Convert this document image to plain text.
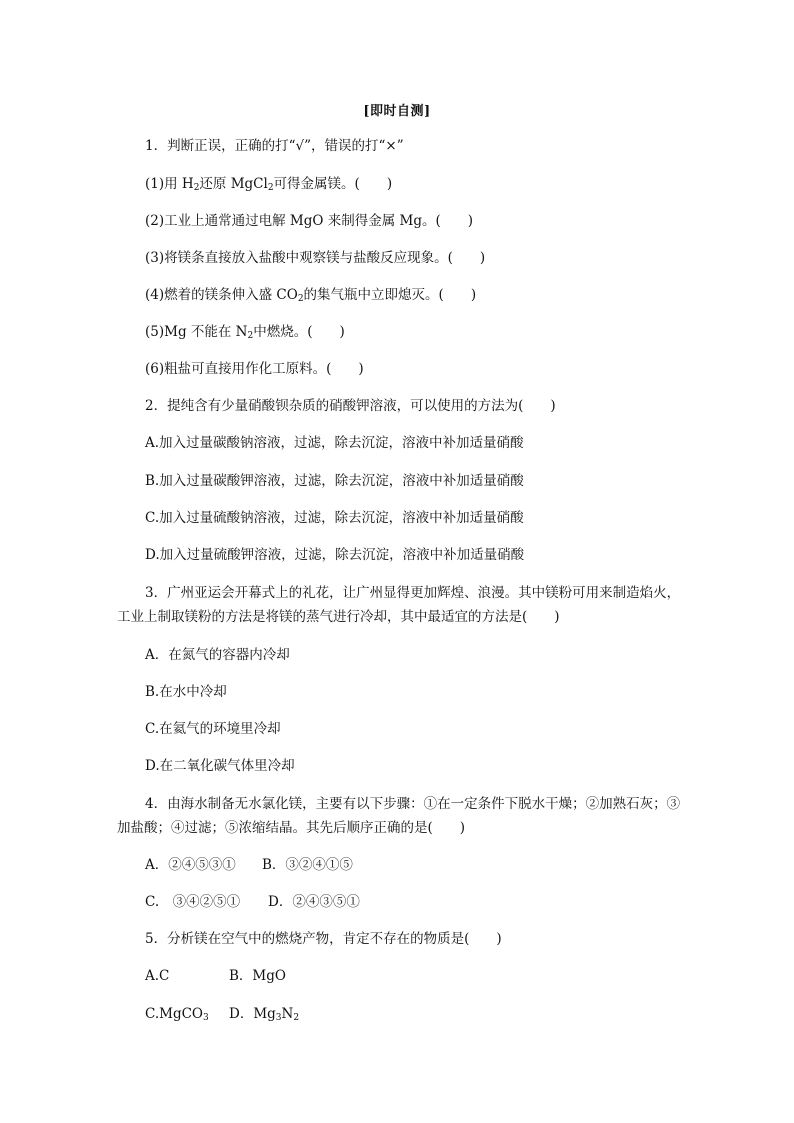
[即时自测]
1．判断正误，正确的打“√”，错误的打“×”
(1)用 $H_2$还原 MgCl$_2$可得金属镁。(　　)
(2)工业上通常通过电解 MgO 来制得金属 Mg。(　　)
(3)将镁条直接放入盐酸中观察镁与盐酸反应现象。(　　)
(4)燃着的镁条伸入盛 $CO_2$的集气瓶中立即熄灭。(　　)
(5)Mg 不能在 $N_2$中燃烧。(　　)
(6)粗盐可直接用作化工原料。(　　)
2．提纯含有少量硝酸钡杂质的硝酸钾溶液，可以使用的方法为(　　)
A.加入过量碳酸钠溶液，过滤，除去沉淀，溶液中补加适量硝酸
B.加入过量碳酸钾溶液，过滤，除去沉淀，溶液中补加适量硝酸
C.加入过量硫酸钠溶液，过滤，除去沉淀，溶液中补加适量硝酸
D.加入过量硫酸钾溶液，过滤，除去沉淀，溶液中补加适量硝酸
3．广州亚运会开幕式上的礼花，让广州显得更加辉煌、浪漫。其中镁粉可用来制造焰火，
工业上制取镁粉的方法是将镁的蒸气进行冷却，其中最适宜的方法是(　　)
A．在氮气的容器内冷却
B.在水中冷却
C.在氦气的环境里冷却
D.在二氧化碳气体里冷却
4．由海水制备无水氯化镁，主要有以下步骤：①在一定条件下脱水干燥；②加熟石灰；③
加盐酸；④过滤；⑤浓缩结晶。其先后顺序正确的是(　　)
A．②④⑤③① B．③②④①⑤
C.　③④②⑤① D．②④③⑤①
5．分析镁在空气中的燃烧产物，肯定不存在的物质是(　　)
A.C	B．MgO
C.MgCO$_3$ D．$Mg_3N_2$
